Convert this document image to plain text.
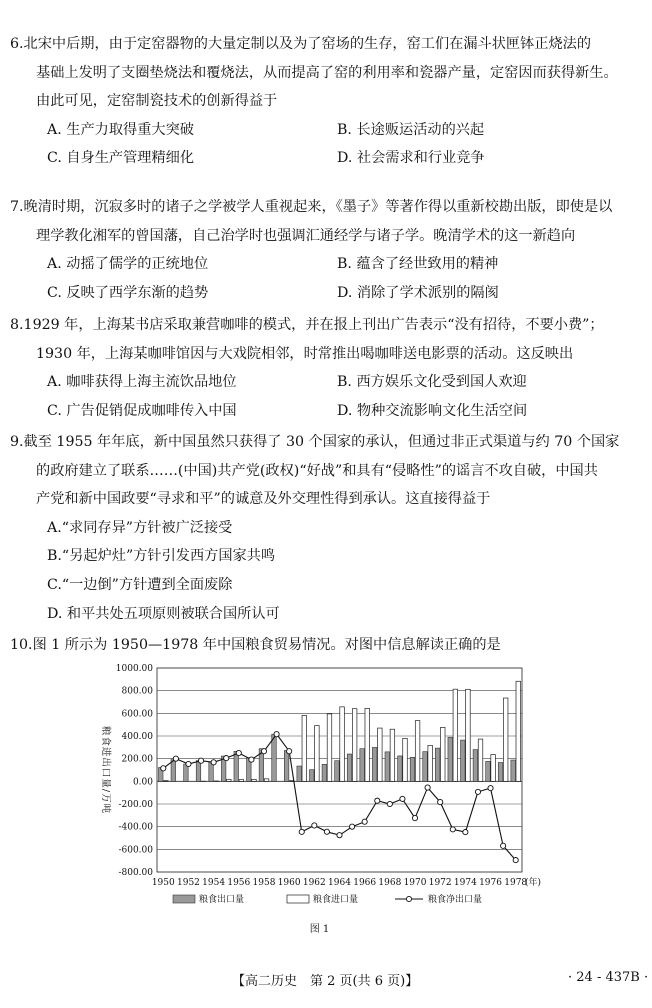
6.北宋中后期，由于定窑器物的大量定制以及为了窑场的生存，窑工们在漏斗状匣钵正烧法的

基础上发明了支圈垫烧法和覆烧法，从而提高了窑的利用率和瓷器产量，定窑因而获得新生。

由此可见，定窑制瓷技术的创新得益于

A. 生产力取得重大突破	B. 长途贩运活动的兴起
C. 自身生产管理精细化	D. 社会需求和行业竞争

7.晚清时期，沉寂多时的诸子之学被学人重视起来，《墨子》等著作得以重新校勘出版，即使是以

理学教化湘军的曾国藩，自己治学时也强调汇通经学与诸子学。晚清学术的这一新趋向

A. 动摇了儒学的正统地位	B. 蕴含了经世致用的精神
C. 反映了西学东渐的趋势	D. 消除了学术派别的隔阂

8.1929 年，上海某书店采取兼营咖啡的模式，并在报上刊出广告表示“没有招待，不要小费”；

1930 年，上海某咖啡馆因与大戏院相邻，时常推出喝咖啡送电影票的活动。这反映出

A. 咖啡获得上海主流饮品地位	B. 西方娱乐文化受到国人欢迎
C. 广告促销促成咖啡传入中国	D. 物种交流影响文化生活空间

9.截至 1955 年年底，新中国虽然只获得了 30 个国家的承认，但通过非正式渠道与约 70 个国家

的政府建立了联系……(中国)共产党(政权)“好战”和具有“侵略性”的谣言不攻自破，中国共

产党和新中国政要“寻求和平”的诚意及外交理性得到承认。这直接得益于

A.“求同存异”方针被广泛接受
B.“另起炉灶”方针引发西方国家共鸣
C.“一边倒”方针遭到全面废除
D. 和平共处五项原则被联合国所认可

10.图 1 所示为 1950—1978 年中国粮食贸易情况。对图中信息解读正确的是

1000.00
800.00
600.00
400.00
200.00
0.00
-200.00
-400.00
-600.00
-800.00
粮食进出口量/万吨
1950 1952 1954 1956 1958 1960 1962 1964 1966 1968 1970 1972 1974 1976 1978
(年)
粮食出口量	粮食进口量	粮食净出口量
图 1
【高二历史　第 2 页(共 6 页)】	· 24 - 437B ·
